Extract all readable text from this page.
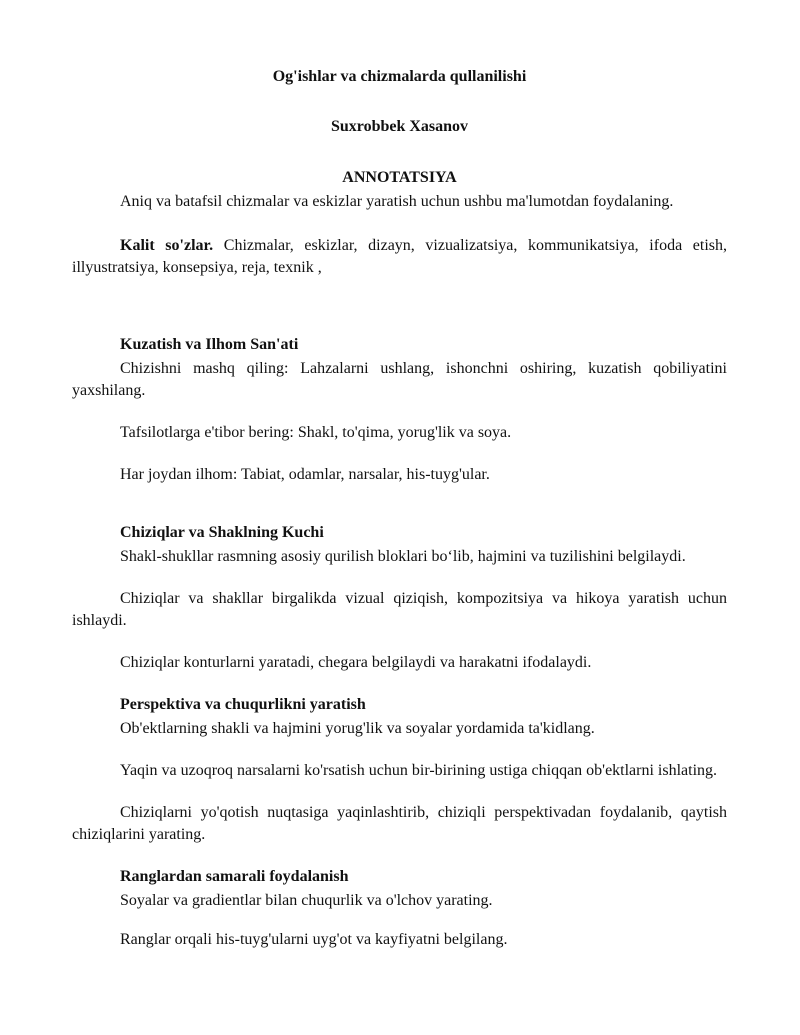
Og'ishlar va chizmalarda qullanilishi
Suxrobbek Xasanov
ANNOTATSIYA

Aniq va batafsil chizmalar va eskizlar yaratish uchun ushbu ma'lumotdan foydalaning.

Kalit so'zlar. Chizmalar, eskizlar, dizayn, vizualizatsiya, kommunikatsiya, ifoda etish, illyustratsiya, konsepsiya, reja, texnik ,

Kuzatish va Ilhom San'ati

Chizishni mashq qiling: Lahzalarni ushlang, ishonchni oshiring, kuzatish qobiliyatini yaxshilang.

Tafsilotlarga e'tibor bering: Shakl, to'qima, yorug'lik va soya.

Har joydan ilhom: Tabiat, odamlar, narsalar, his-tuyg'ular.

Chiziqlar va Shaklning Kuchi

Shakl-shukllar rasmning asosiy qurilish bloklari bo‘lib, hajmini va tuzilishini belgilaydi.

Chiziqlar va shakllar birgalikda vizual qiziqish, kompozitsiya va hikoya yaratish uchun ishlaydi.

Chiziqlar konturlarni yaratadi, chegara belgilaydi va harakatni ifodalaydi.

Perspektiva va chuqurlikni yaratish

Ob'ektlarning shakli va hajmini yorug'lik va soyalar yordamida ta'kidlang.

Yaqin va uzoqroq narsalarni ko'rsatish uchun bir-birining ustiga chiqqan ob'ektlarni ishlating.

Chiziqlarni yo'qotish nuqtasiga yaqinlashtirib, chiziqli perspektivadan foydalanib, qaytish chiziqlarini yarating.

Ranglardan samarali foydalanish

Soyalar va gradientlar bilan chuqurlik va o'lchov yarating.

Ranglar orqali his-tuyg'ularni uyg'ot va kayfiyatni belgilang.
